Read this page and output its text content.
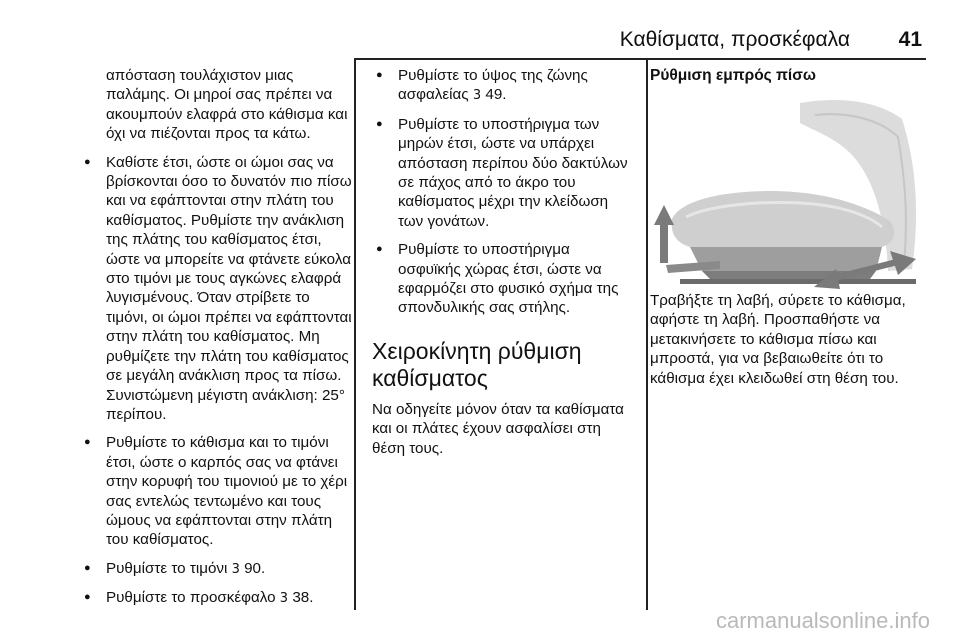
Καθίσματα, προσκέφαλα 41

απόσταση τουλάχιστον μιας παλάμης. Οι μηροί σας πρέπει να ακουμπούν ελαφρά στο κάθισμα και όχι να πιέζονται προς τα κάτω.

● Καθίστε έτσι, ώστε οι ώμοι σας να βρίσκονται όσο το δυνατόν πιο πίσω και να εφάπτονται στην πλάτη του καθίσματος. Ρυθμίστε την ανάκλιση της πλάτης του καθίσματος έτσι, ώστε να μπορείτε να φτάνετε εύκολα στο τιμόνι με τους αγκώνες ελαφρά λυγισμένους. Όταν στρίβετε το τιμόνι, οι ώμοι πρέπει να εφάπτονται στην πλάτη του καθίσματος. Μη ρυθμίζετε την πλάτη του καθίσματος σε μεγάλη ανάκλιση προς τα πίσω. Συνιστώμενη μέγιστη ανάκλιση: 25° περίπου.
● Ρυθμίστε το κάθισμα και το τιμόνι έτσι, ώστε ο καρπός σας να φτάνει στην κορυφή του τιμονιού με το χέρι σας εντελώς τεντωμένο και τους ώμους να εφάπτονται στην πλάτη του καθίσματος.
● Ρυθμίστε το τιμόνι 3 90.
● Ρυθμίστε το προσκέφαλο 3 38.
● Ρυθμίστε το ύψος της ζώνης ασφαλείας 3 49.
● Ρυθμίστε το υποστήριγμα των μηρών έτσι, ώστε να υπάρχει απόσταση περίπου δύο δακτύλων σε πάχος από το άκρο του καθίσματος μέχρι την κλείδωση των γονάτων.
● Ρυθμίστε το υποστήριγμα οσφυϊκής χώρας έτσι, ώστε να εφαρμόζει στο φυσικό σχήμα της σπονδυλικής σας στήλης.
Χειροκίνητη ρύθμιση καθίσματος

Να οδηγείτε μόνον όταν τα καθίσματα και οι πλάτες έχουν ασφαλίσει στη θέση τους.

Ρύθμιση εμπρός πίσω

Τραβήξτε τη λαβή, σύρετε το κάθισμα, αφήστε τη λαβή. Προσπαθήστε να μετακινήσετε το κάθισμα πίσω και μπροστά, για να βεβαιωθείτε ότι το κάθισμα έχει κλειδωθεί στη θέση του.

carmanualsonline.info
